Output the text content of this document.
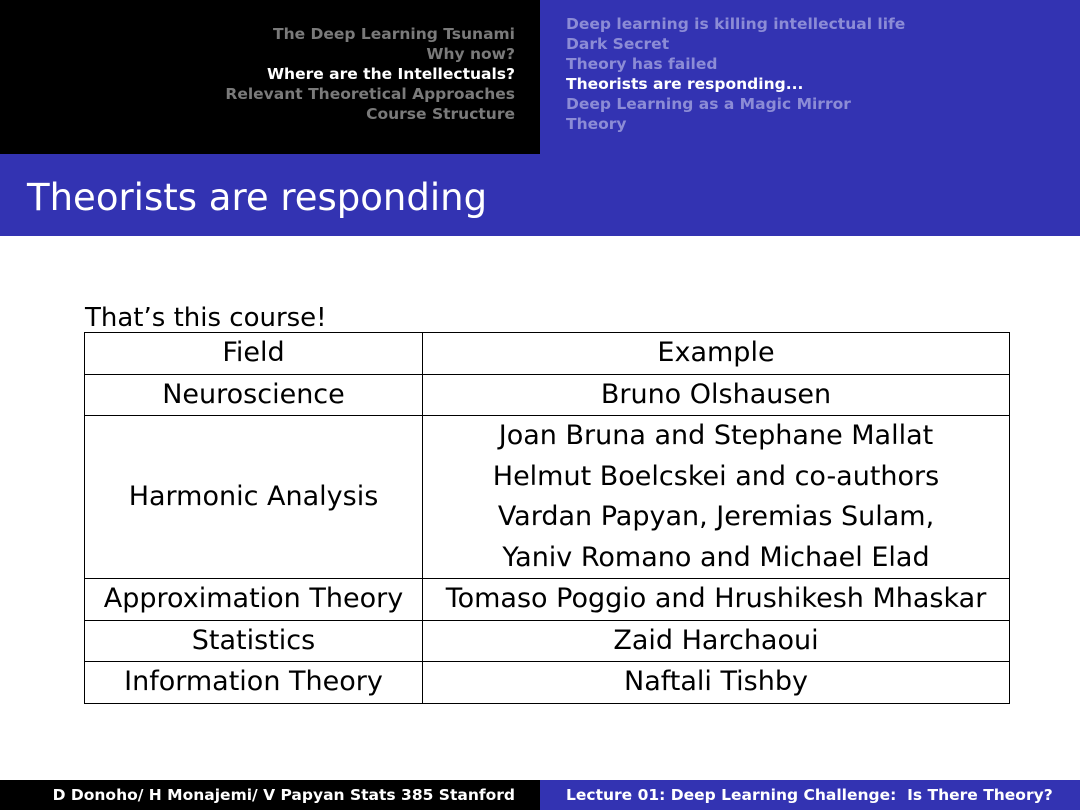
The Deep Learning Tsunami
Why now?
Where are the Intellectuals?
Relevant Theoretical Approaches
Course Structure
Deep learning is killing intellectual life
Dark Secret
Theory has failed
Theorists are responding...
Deep Learning as a Magic Mirror
Theory
Theorists are responding
That’s this course!
Field	Example
Neuroscience	Bruno Olshausen

Harmonic Analysis	Joan Bruna and Stephane Mallat
Helmut Boelcskei and co-authors
Vardan Papyan, Jeremias Sulam,
Yaniv Romano and Michael Elad

Approximation Theory	Tomaso Poggio and Hrushikesh Mhaskar

Statistics	Zaid Harchaoui

Information Theory	Naftali Tishby
D Donoho/ H Monajemi/ V Papyan Stats 385 Stanford	Lecture 01: Deep Learning Challenge:  Is There Theory?
